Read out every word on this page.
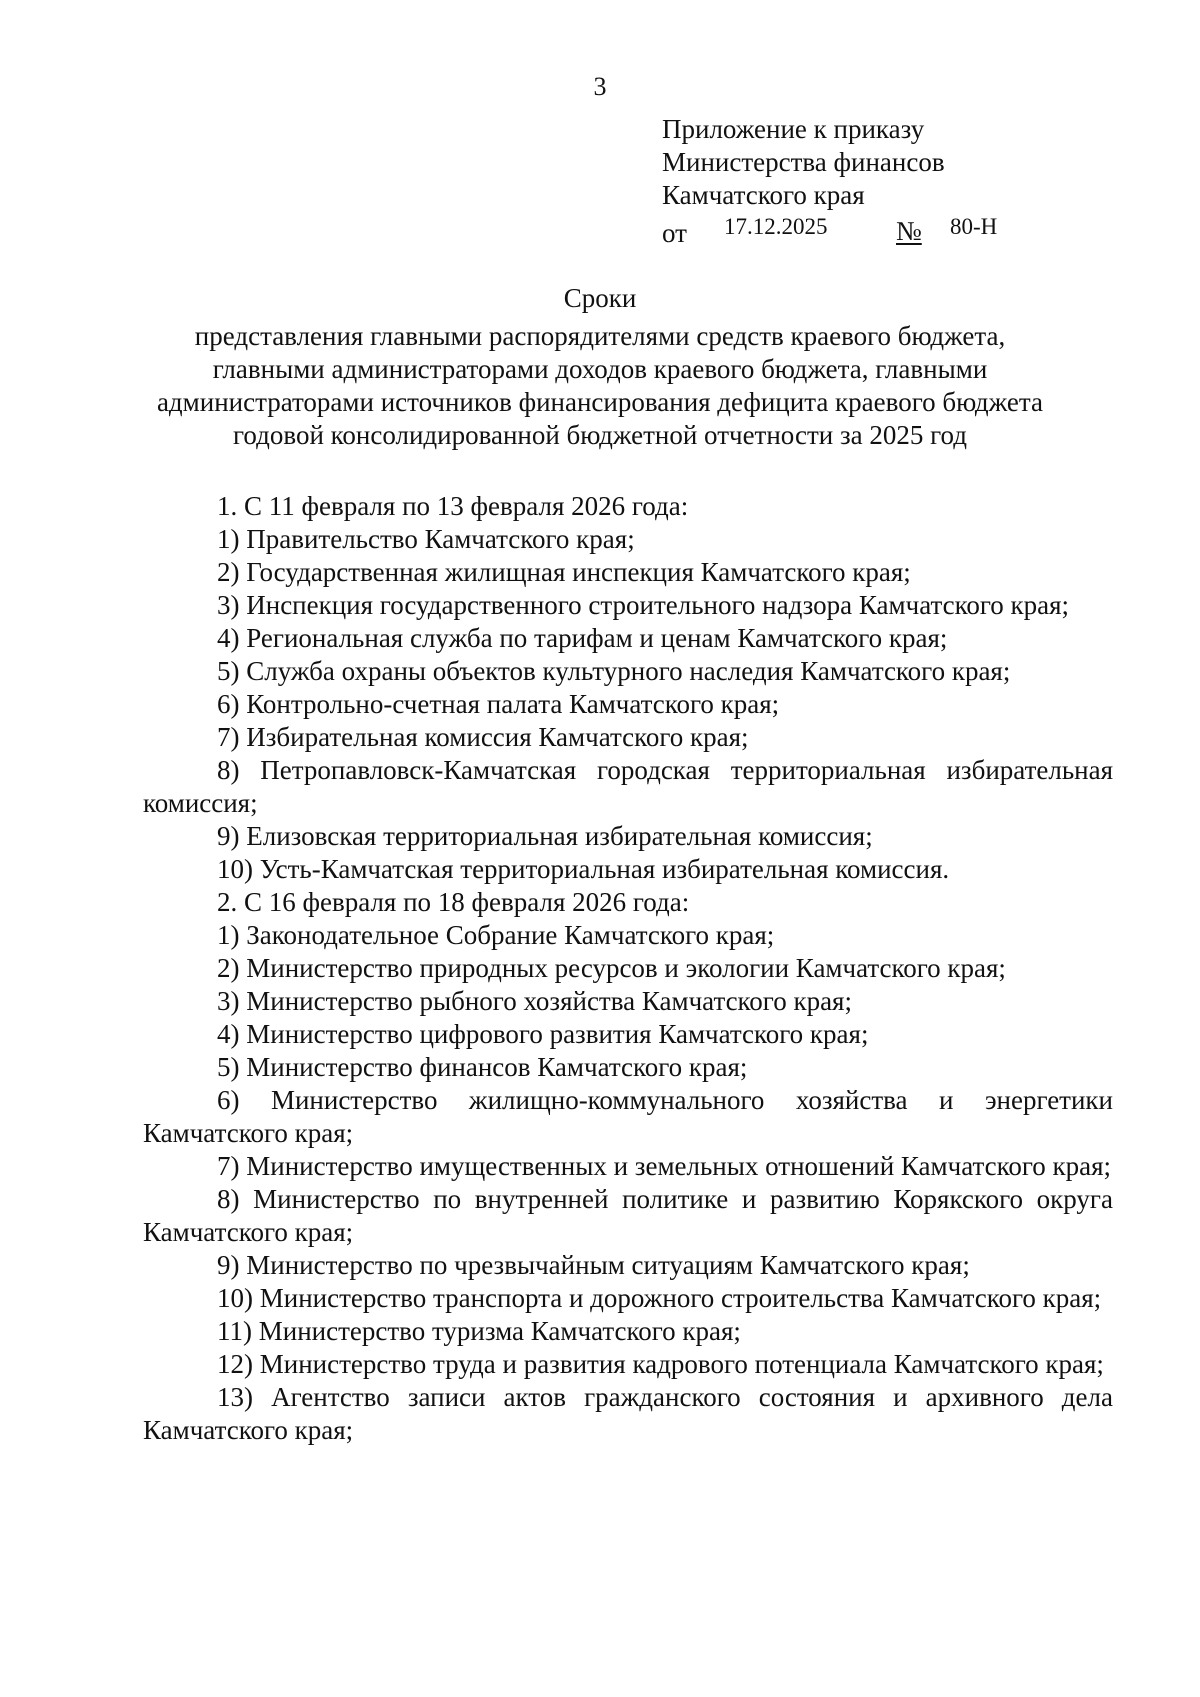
3
Приложение к приказу
Министерства финансов
Камчатского края
от 17.12.2025	№ 80-Н
Сроки
представления главными распорядителями средств краевого бюджета, главными администраторами доходов краевого бюджета, главными администраторами источников финансирования дефицита краевого бюджета годовой консолидированной бюджетной отчетности за 2025 год
1. С 11 февраля по 13 февраля 2026 года:
1) Правительство Камчатского края;
2) Государственная жилищная инспекция Камчатского края;
3) Инспекция государственного строительного надзора Камчатского края;
4) Региональная служба по тарифам и ценам Камчатского края;
5) Служба охраны объектов культурного наследия Камчатского края;
6) Контрольно-счетная палата Камчатского края;
7) Избирательная комиссия Камчатского края;
8) Петропавловск-Камчатская городская территориальная избирательная комиссия;
9) Елизовская территориальная избирательная комиссия;
10) Усть-Камчатская территориальная избирательная комиссия.
2. С 16 февраля по 18 февраля 2026 года:
1) Законодательное Собрание Камчатского края;
2) Министерство природных ресурсов и экологии Камчатского края;
3) Министерство рыбного хозяйства Камчатского края;
4) Министерство цифрового развития Камчатского края;
5) Министерство финансов Камчатского края;
6) Министерство жилищно-коммунального хозяйства и энергетики Камчатского края;
7) Министерство имущественных и земельных отношений Камчатского края;
8) Министерство по внутренней политике и развитию Корякского округа Камчатского края;
9) Министерство по чрезвычайным ситуациям Камчатского края;
10) Министерство транспорта и дорожного строительства Камчатского края;
11) Министерство туризма Камчатского края;
12) Министерство труда и развития кадрового потенциала Камчатского края;
13) Агентство записи актов гражданского состояния и архивного дела Камчатского края;
